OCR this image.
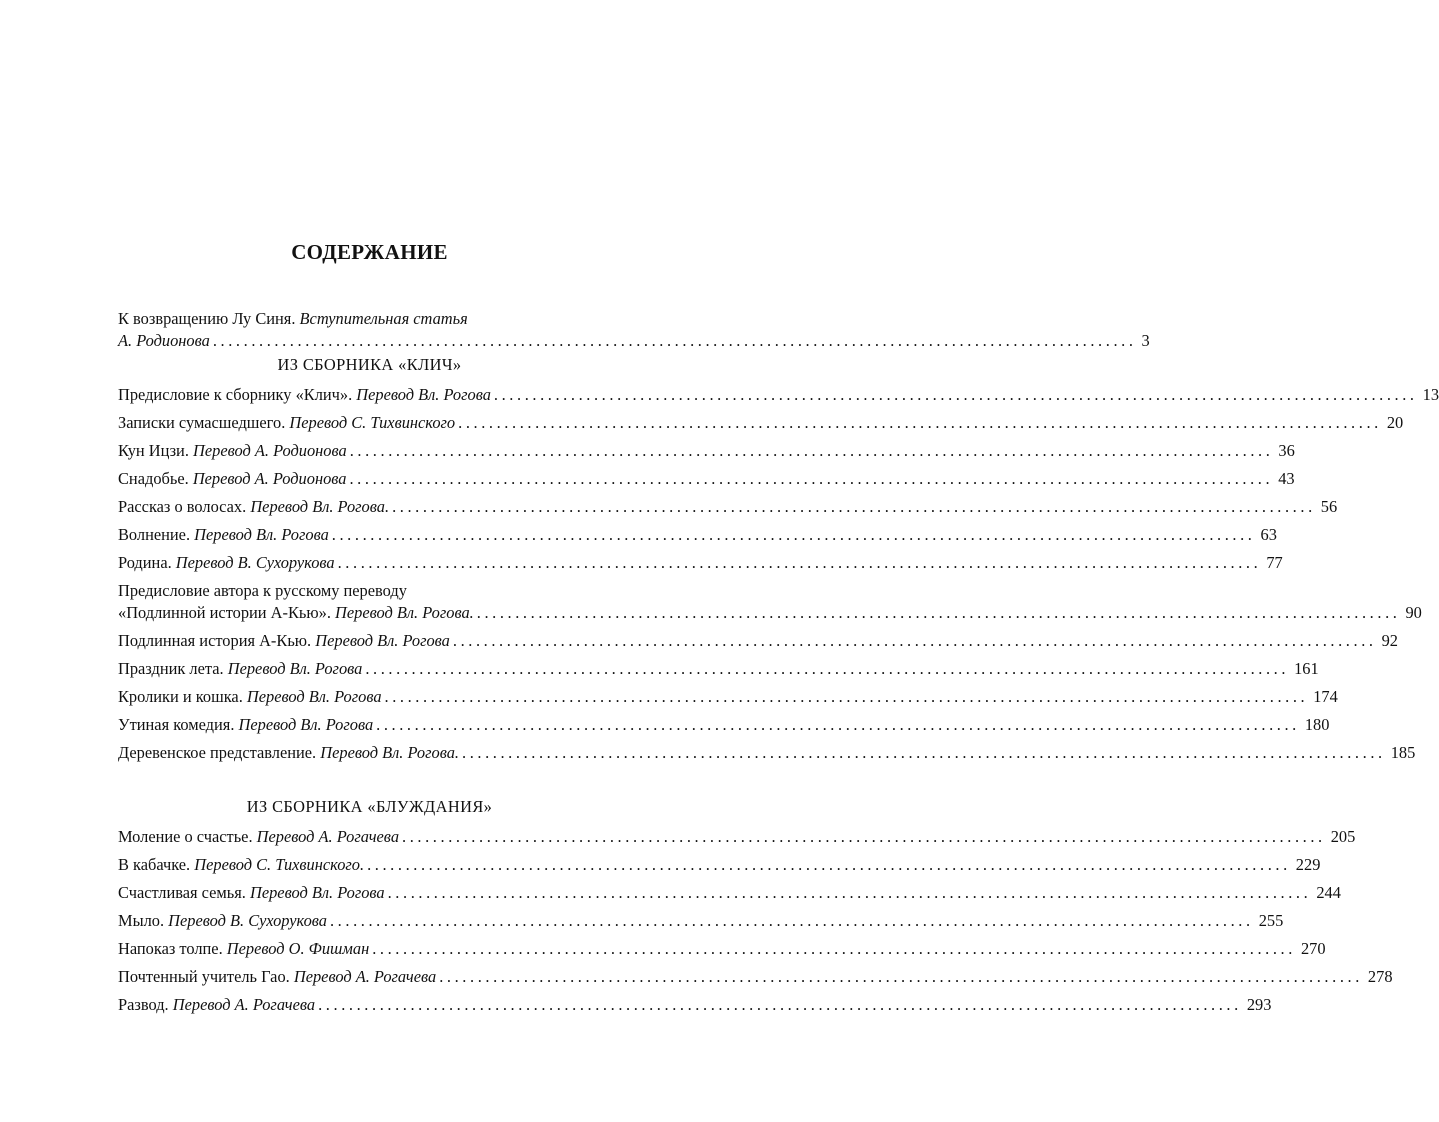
СОДЕРЖАНИЕ
К возвращению Лу Синя. Вступительная статья
А. Родионова ........................................................................................................................ 3
ИЗ СБОРНИКА «КЛИЧ»
Предисловие к сборнику «Клич». Перевод Вл. Рогова ........................................................................................................................ 13
Записки сумасшедшего. Перевод С. Тихвинского ........................................................................................................................ 20
Кун Ицзи. Перевод А. Родионова ........................................................................................................................ 36
Снадобье. Перевод А. Родионова ........................................................................................................................ 43
Рассказ о волосах. Перевод Вл. Рогова. ........................................................................................................................ 56
Волнение. Перевод Вл. Рогова ........................................................................................................................ 63
Родина. Перевод В. Сухорукова ........................................................................................................................ 77
Предисловие автора к русскому переводу
«Подлинной истории А-Кью». Перевод Вл. Рогова. ........................................................................................................................ 90
Подлинная история А-Кью. Перевод Вл. Рогова ........................................................................................................................ 92
Праздник лета. Перевод Вл. Рогова ........................................................................................................................ 161
Кролики и кошка. Перевод Вл. Рогова ........................................................................................................................ 174
Утиная комедия. Перевод Вл. Рогова ........................................................................................................................ 180
Деревенское представление. Перевод Вл. Рогова. ........................................................................................................................ 185
ИЗ СБОРНИКА «БЛУЖДАНИЯ»
Моление о счастье. Перевод А. Рогачева ........................................................................................................................ 205
В кабачке. Перевод С. Тихвинского. ........................................................................................................................ 229
Счастливая семья. Перевод Вл. Рогова ........................................................................................................................ 244
Мыло. Перевод В. Сухорукова ........................................................................................................................ 255
Напоказ толпе. Перевод О. Фишман ........................................................................................................................ 270
Почтенный учитель Гао. Перевод А. Рогачева ........................................................................................................................ 278
Развод. Перевод А. Рогачева ........................................................................................................................ 293
